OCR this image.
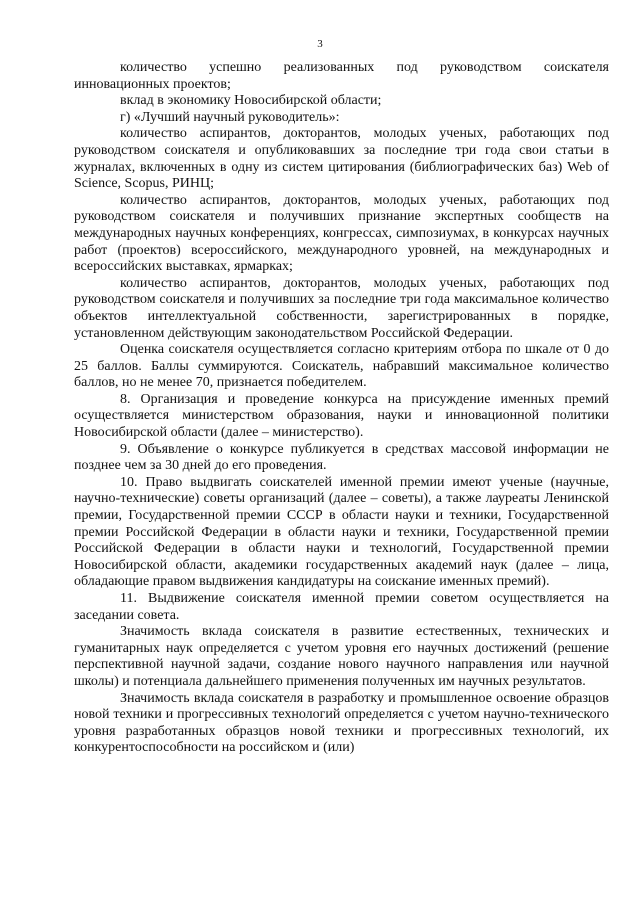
3

количество успешно реализованных под руководством соискателя инновационных проектов;

вклад в экономику Новосибирской области;

г) «Лучший научный руководитель»:

количество аспирантов, докторантов, молодых ученых, работающих под руководством соискателя и опубликовавших за последние три года свои статьи в журналах, включенных в одну из систем цитирования (библиографических баз) Web of Science, Scopus, РИНЦ;

количество аспирантов, докторантов, молодых ученых, работающих под руководством соискателя и получивших признание экспертных сообществ на международных научных конференциях, конгрессах, симпозиумах, в конкурсах научных работ (проектов) всероссийского, международного уровней, на международных и всероссийских выставках, ярмарках;

количество аспирантов, докторантов, молодых ученых, работающих под руководством соискателя и получивших за последние три года максимальное количество объектов интеллектуальной собственности, зарегистрированных в порядке, установленном действующим законодательством Российской Федерации.

Оценка соискателя осуществляется согласно критериям отбора по шкале от 0 до 25 баллов. Баллы суммируются. Соискатель, набравший максимальное количество баллов, но не менее 70, признается победителем.

8. Организация и проведение конкурса на присуждение именных премий осуществляется министерством образования, науки и инновационной политики Новосибирской области (далее – министерство).

9. Объявление о конкурсе публикуется в средствах массовой информации не позднее чем за 30 дней до его проведения.

10. Право выдвигать соискателей именной премии имеют ученые (научные, научно-технические) советы организаций (далее – советы), а также лауреаты Ленинской премии, Государственной премии СССР в области науки и техники, Государственной премии Российской Федерации в области науки и техники, Государственной премии Российской Федерации в области науки и технологий, Государственной премии Новосибирской области, академики государственных академий наук (далее – лица, обладающие правом выдвижения кандидатуры на соискание именных премий).

11. Выдвижение соискателя именной премии советом осуществляется на заседании совета.

Значимость вклада соискателя в развитие естественных, технических и гуманитарных наук определяется с учетом уровня его научных достижений (решение перспективной научной задачи, создание нового научного направления или научной школы) и потенциала дальнейшего применения полученных им научных результатов.

Значимость вклада соискателя в разработку и промышленное освоение образцов новой техники и прогрессивных технологий определяется с учетом научно-технического уровня разработанных образцов новой техники и прогрессивных технологий, их конкурентоспособности на российском и (или)
